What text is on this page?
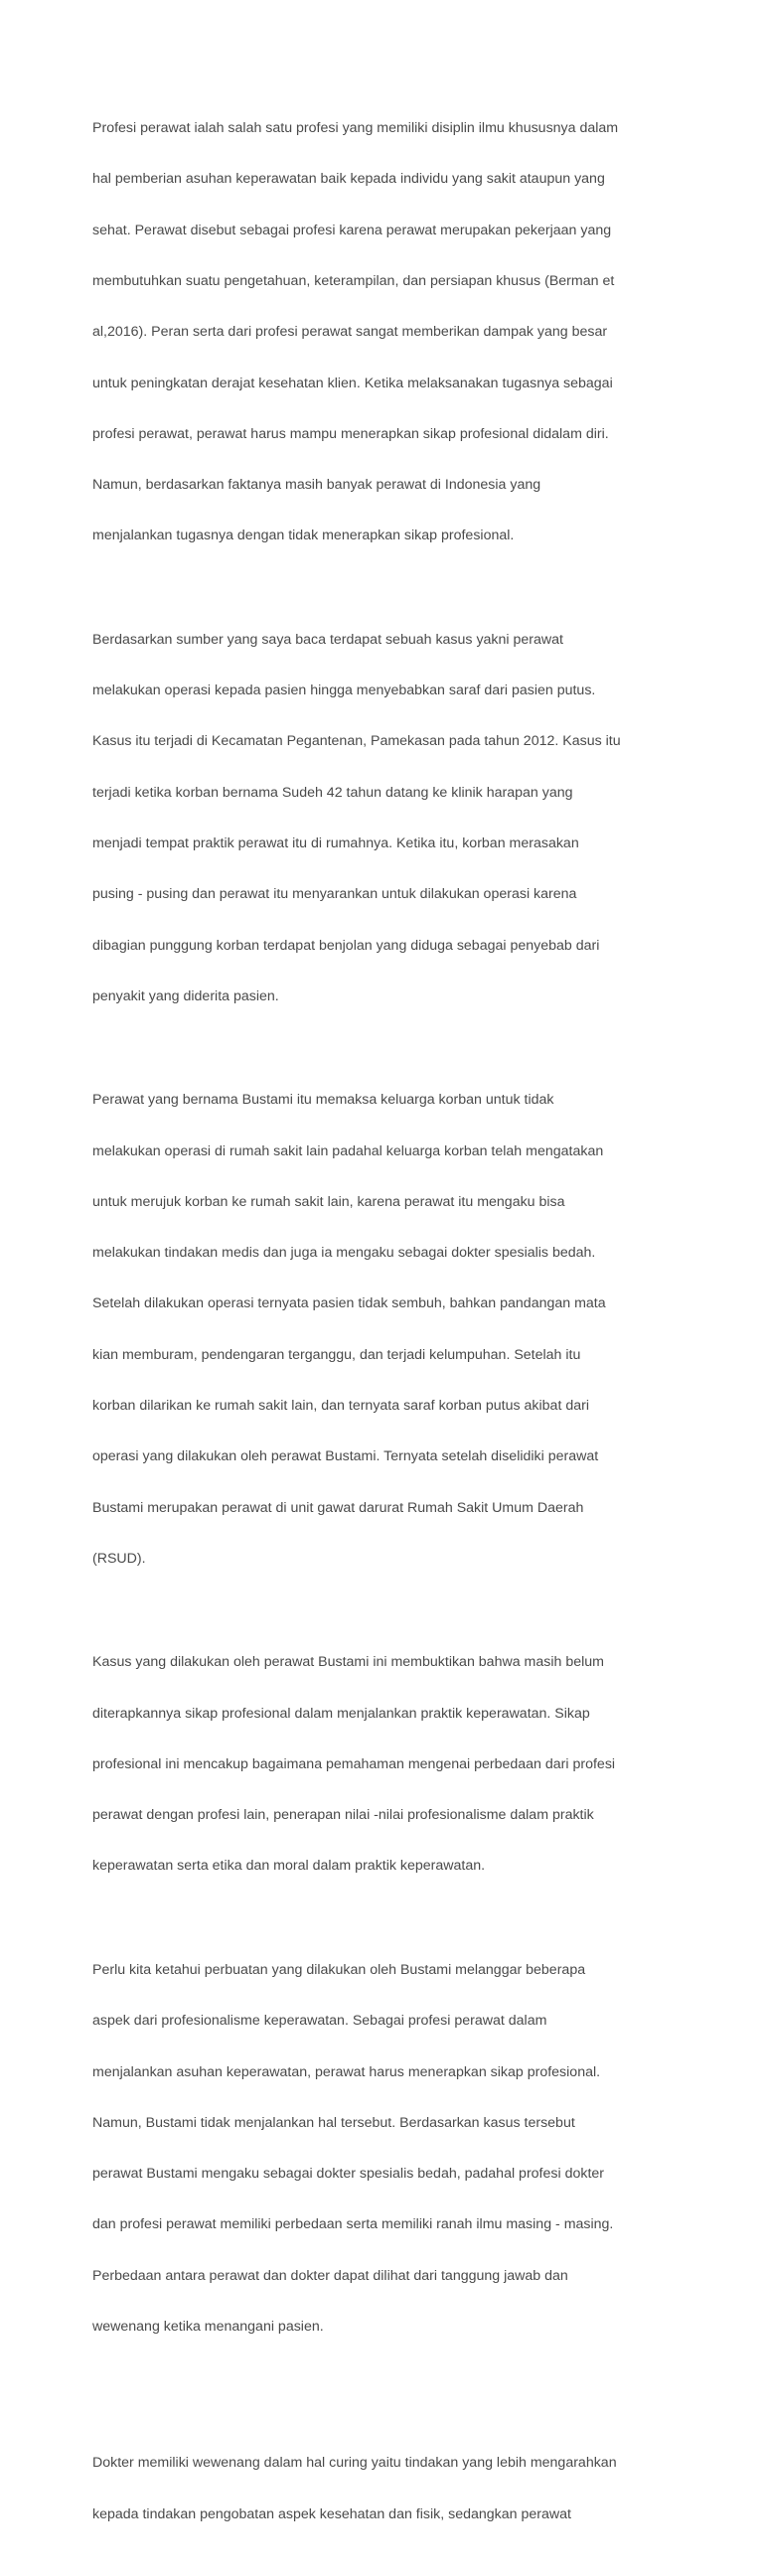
Profesi perawat ialah salah satu profesi yang memiliki disiplin ilmu khususnya dalam

hal pemberian asuhan keperawatan baik kepada individu yang sakit ataupun yang

sehat. Perawat disebut sebagai profesi karena perawat merupakan pekerjaan yang

membutuhkan suatu pengetahuan, keterampilan, dan persiapan khusus (Berman et

al,2016). Peran serta dari profesi perawat sangat memberikan dampak yang besar

untuk peningkatan derajat kesehatan klien. Ketika melaksanakan tugasnya sebagai

profesi perawat, perawat harus mampu menerapkan sikap profesional didalam diri.

Namun, berdasarkan faktanya masih banyak perawat di Indonesia yang

menjalankan tugasnya dengan tidak menerapkan sikap profesional.

Berdasarkan sumber yang saya baca terdapat sebuah kasus yakni perawat

melakukan operasi kepada pasien hingga menyebabkan saraf dari pasien putus.

Kasus itu terjadi di Kecamatan Pegantenan, Pamekasan pada tahun 2012. Kasus itu

terjadi ketika korban bernama Sudeh 42 tahun datang ke klinik harapan yang

menjadi tempat praktik perawat itu di rumahnya. Ketika itu, korban merasakan

pusing - pusing dan perawat itu menyarankan untuk dilakukan operasi karena

dibagian punggung korban terdapat benjolan yang diduga sebagai penyebab dari

penyakit yang diderita pasien.

Perawat yang bernama Bustami itu memaksa keluarga korban untuk tidak

melakukan operasi di rumah sakit lain padahal keluarga korban telah mengatakan

untuk merujuk korban ke rumah sakit lain, karena perawat itu mengaku bisa

melakukan tindakan medis dan juga ia mengaku sebagai dokter spesialis bedah.

Setelah dilakukan operasi ternyata pasien tidak sembuh, bahkan pandangan mata

kian memburam, pendengaran terganggu, dan terjadi kelumpuhan. Setelah itu

korban dilarikan ke rumah sakit lain, dan ternyata saraf korban putus akibat dari

operasi yang dilakukan oleh perawat Bustami. Ternyata setelah diselidiki perawat

Bustami merupakan perawat di unit gawat darurat Rumah Sakit Umum Daerah

(RSUD).

Kasus yang dilakukan oleh perawat Bustami ini membuktikan bahwa masih belum

diterapkannya sikap profesional dalam menjalankan praktik keperawatan. Sikap

profesional ini mencakup bagaimana pemahaman mengenai perbedaan dari profesi

perawat dengan profesi lain, penerapan nilai -nilai profesionalisme dalam praktik

keperawatan serta etika dan moral dalam praktik keperawatan.

Perlu kita ketahui perbuatan yang dilakukan oleh Bustami melanggar beberapa

aspek dari profesionalisme keperawatan. Sebagai profesi perawat dalam

menjalankan asuhan keperawatan, perawat harus menerapkan sikap profesional.

Namun, Bustami tidak menjalankan hal tersebut. Berdasarkan kasus tersebut

perawat Bustami mengaku sebagai dokter spesialis bedah, padahal profesi dokter

dan profesi perawat memiliki perbedaan serta memiliki ranah ilmu masing - masing.

Perbedaan antara perawat dan dokter dapat dilihat dari tanggung jawab dan

wewenang ketika menangani pasien.

Dokter memiliki wewenang dalam hal curing yaitu tindakan yang lebih mengarahkan

kepada tindakan pengobatan aspek kesehatan dan fisik, sedangkan perawat
